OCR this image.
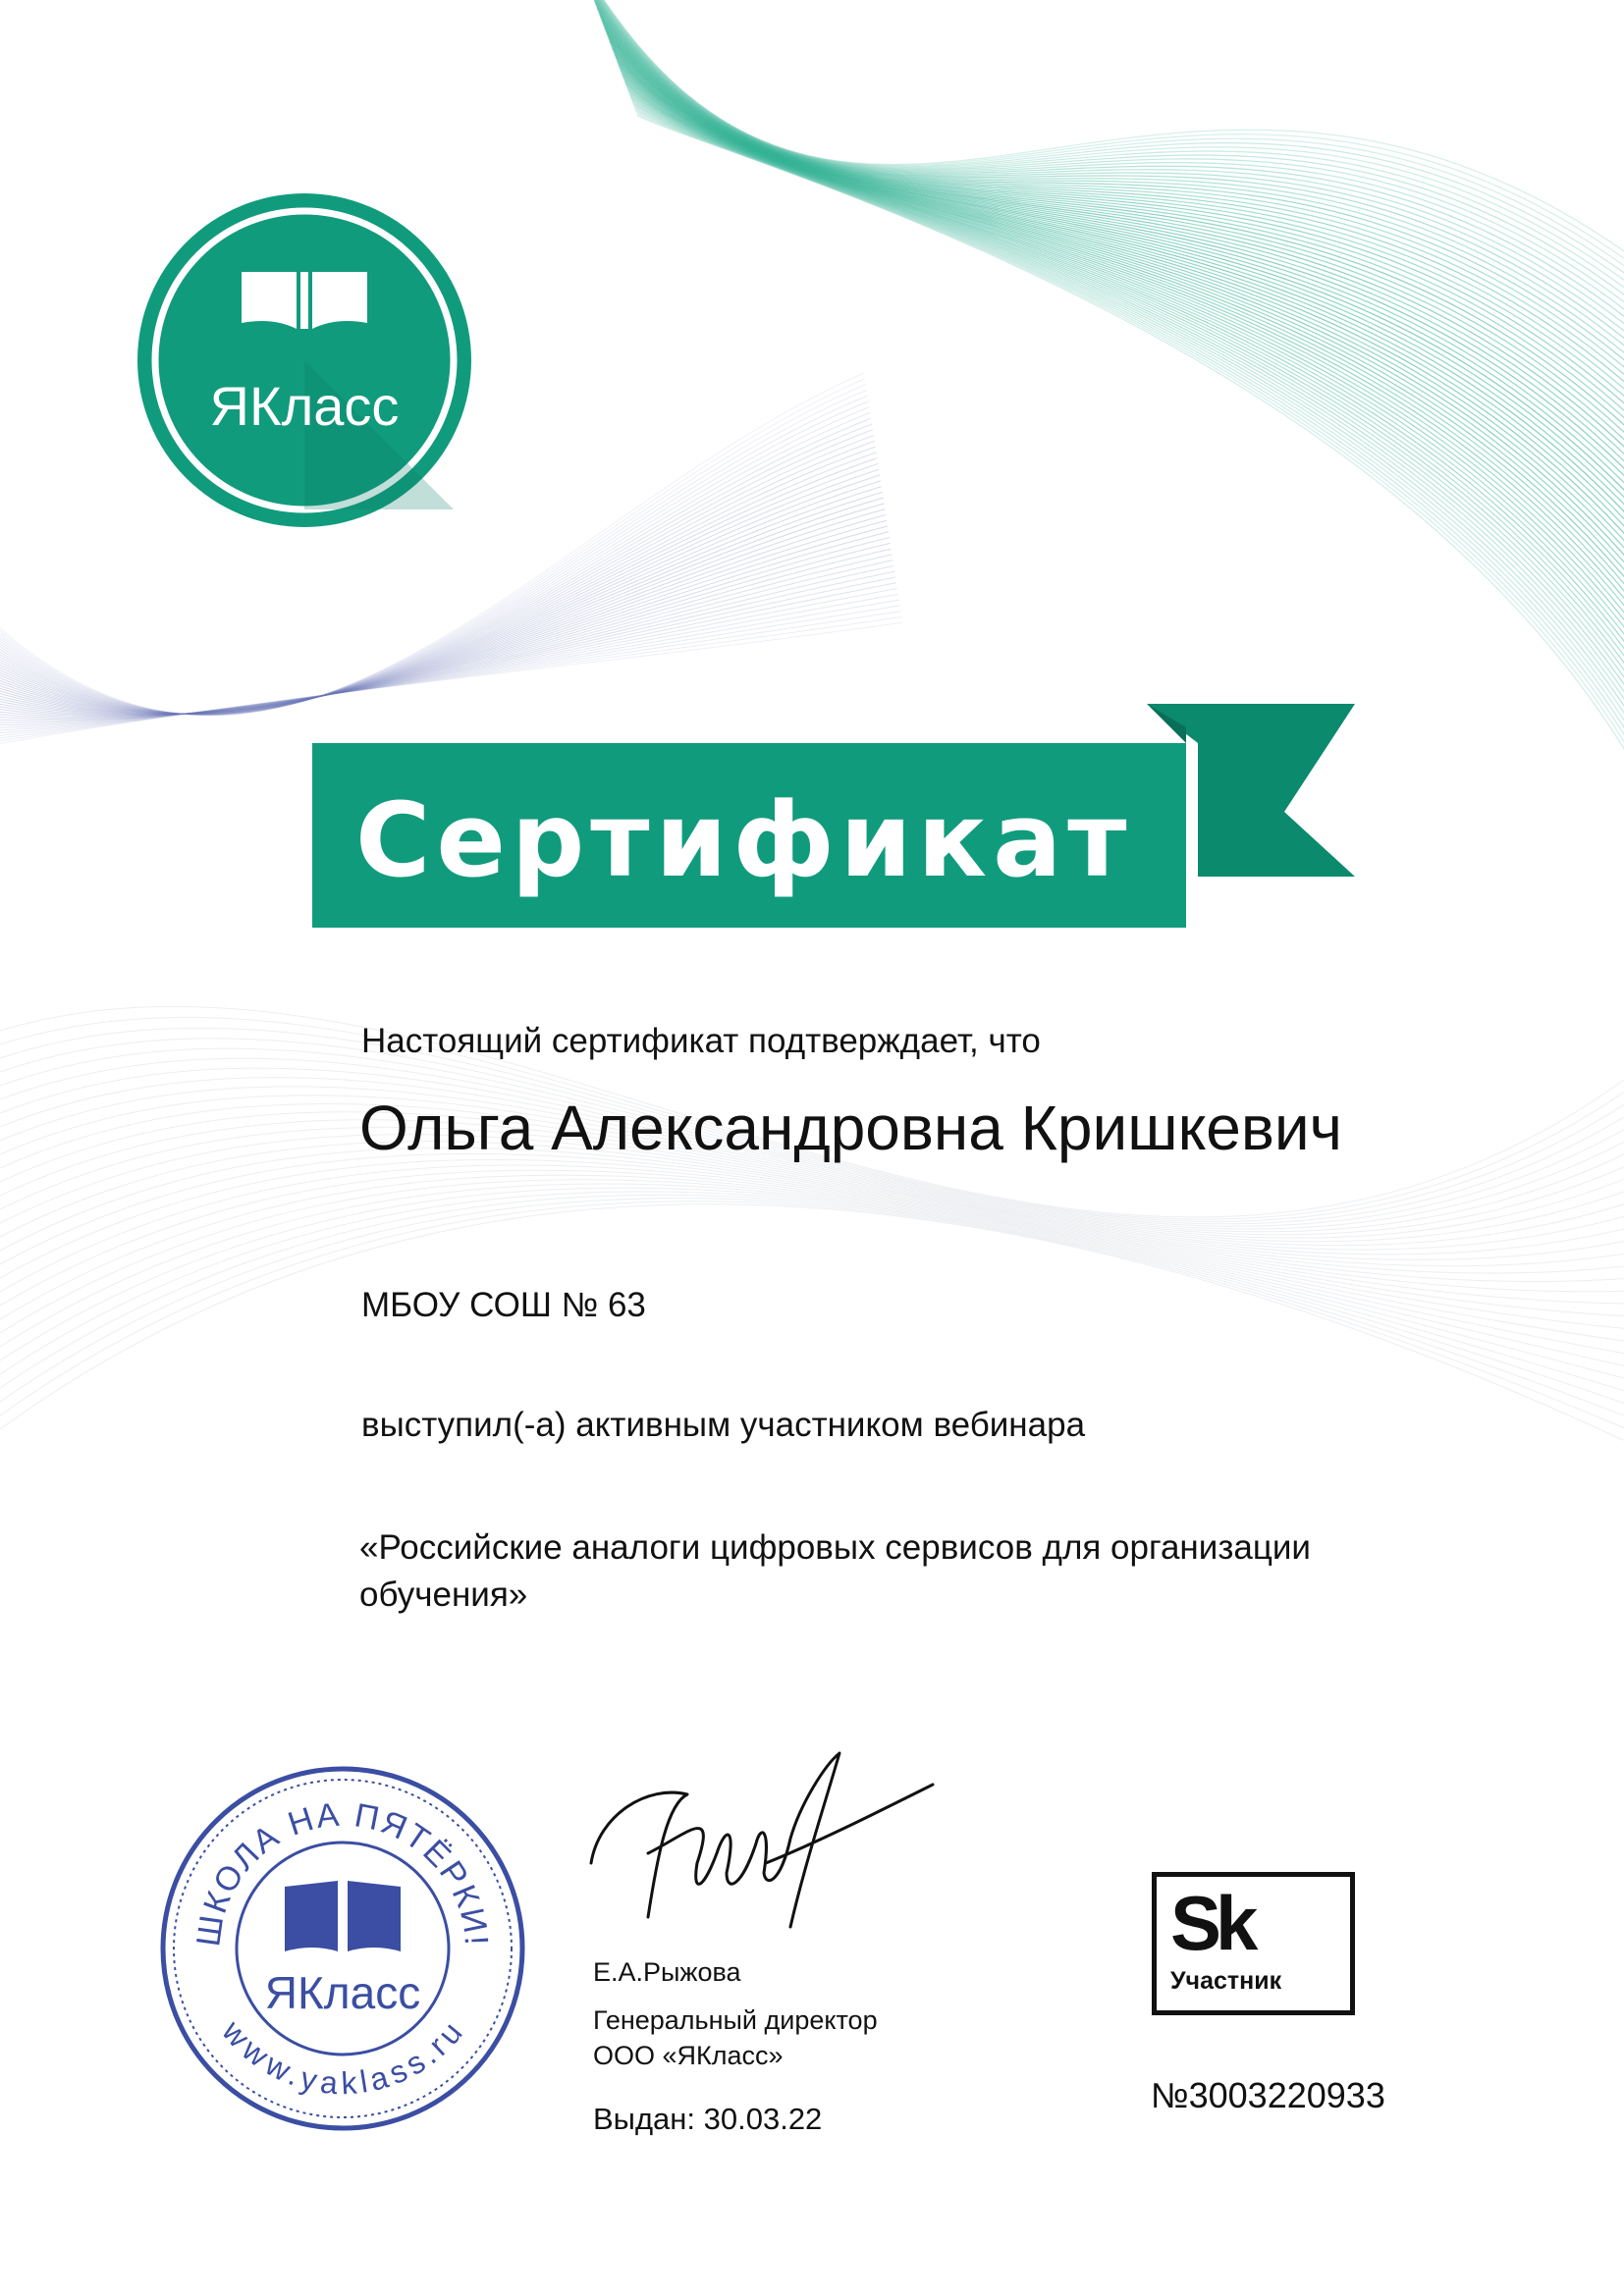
ЯКласс
Сертификат
Настоящий сертификат подтверждает, что
Ольга Александровна Кришкевич
МБОУ СОШ № 63
выступил(-а) активным участником вебинара
«Российские аналоги цифровых сервисов для организации обучения»
ШКОЛА НА ПЯТЁРКИ!
www.yaklass.ru
ЯКласс	Е.А.Рыжова
Генеральный директор
ООО «ЯКласс»
Выдан: 30.03.22
Sk
Участник
№3003220933
